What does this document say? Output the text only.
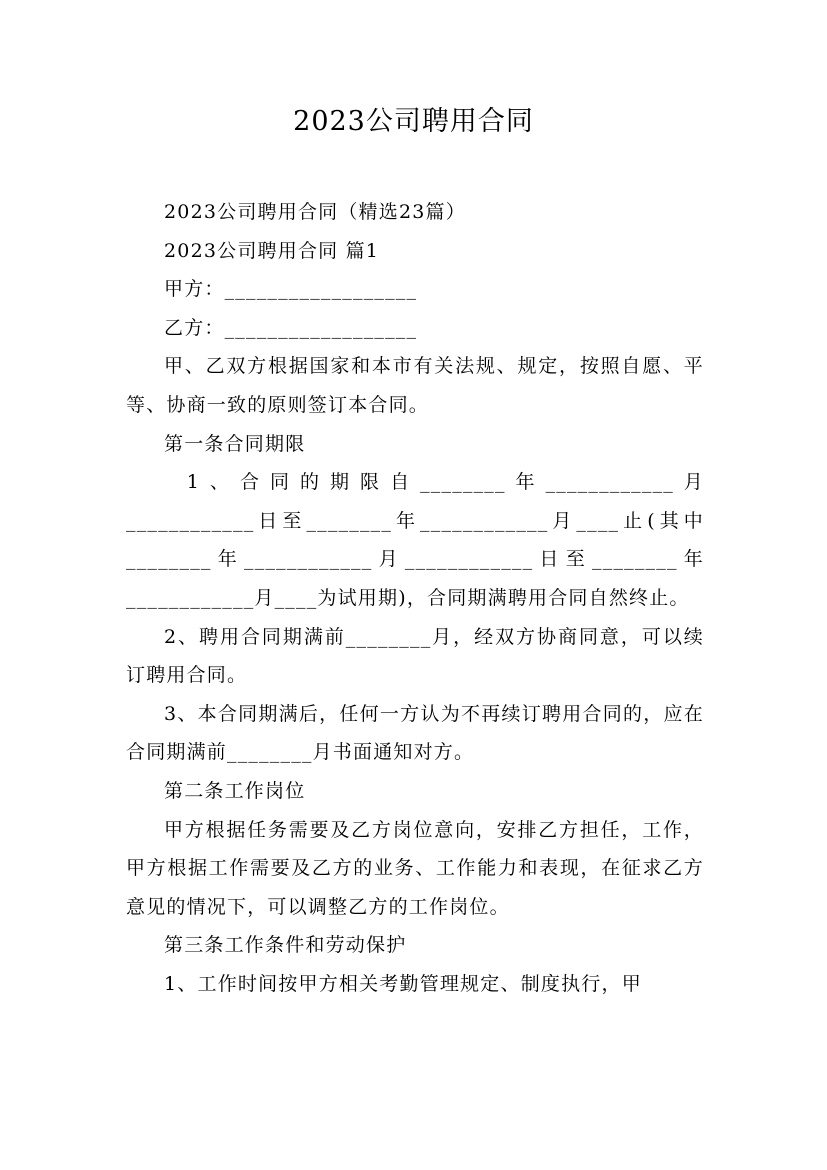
2023公司聘用合同

2023公司聘用合同（精选23篇）

2023公司聘用合同 篇1

甲方：__________________

乙方：__________________

甲、乙双方根据国家和本市有关法规、规定，按照自愿、平等、协商一致的原则签订本合同。

第一条合同期限

1、合同的期限自________年____________月____________日至________年____________月____止(其中________年____________月____________日至________年____________月____为试用期)，合同期满聘用合同自然终止。

2、聘用合同期满前________月，经双方协商同意，可以续订聘用合同。

3、本合同期满后，任何一方认为不再续订聘用合同的，应在合同期满前________月书面通知对方。

第二条工作岗位

甲方根据任务需要及乙方岗位意向，安排乙方担任，工作，甲方根据工作需要及乙方的业务、工作能力和表现，在征求乙方意见的情况下，可以调整乙方的工作岗位。

第三条工作条件和劳动保护

1、工作时间按甲方相关考勤管理规定、制度执行，甲
